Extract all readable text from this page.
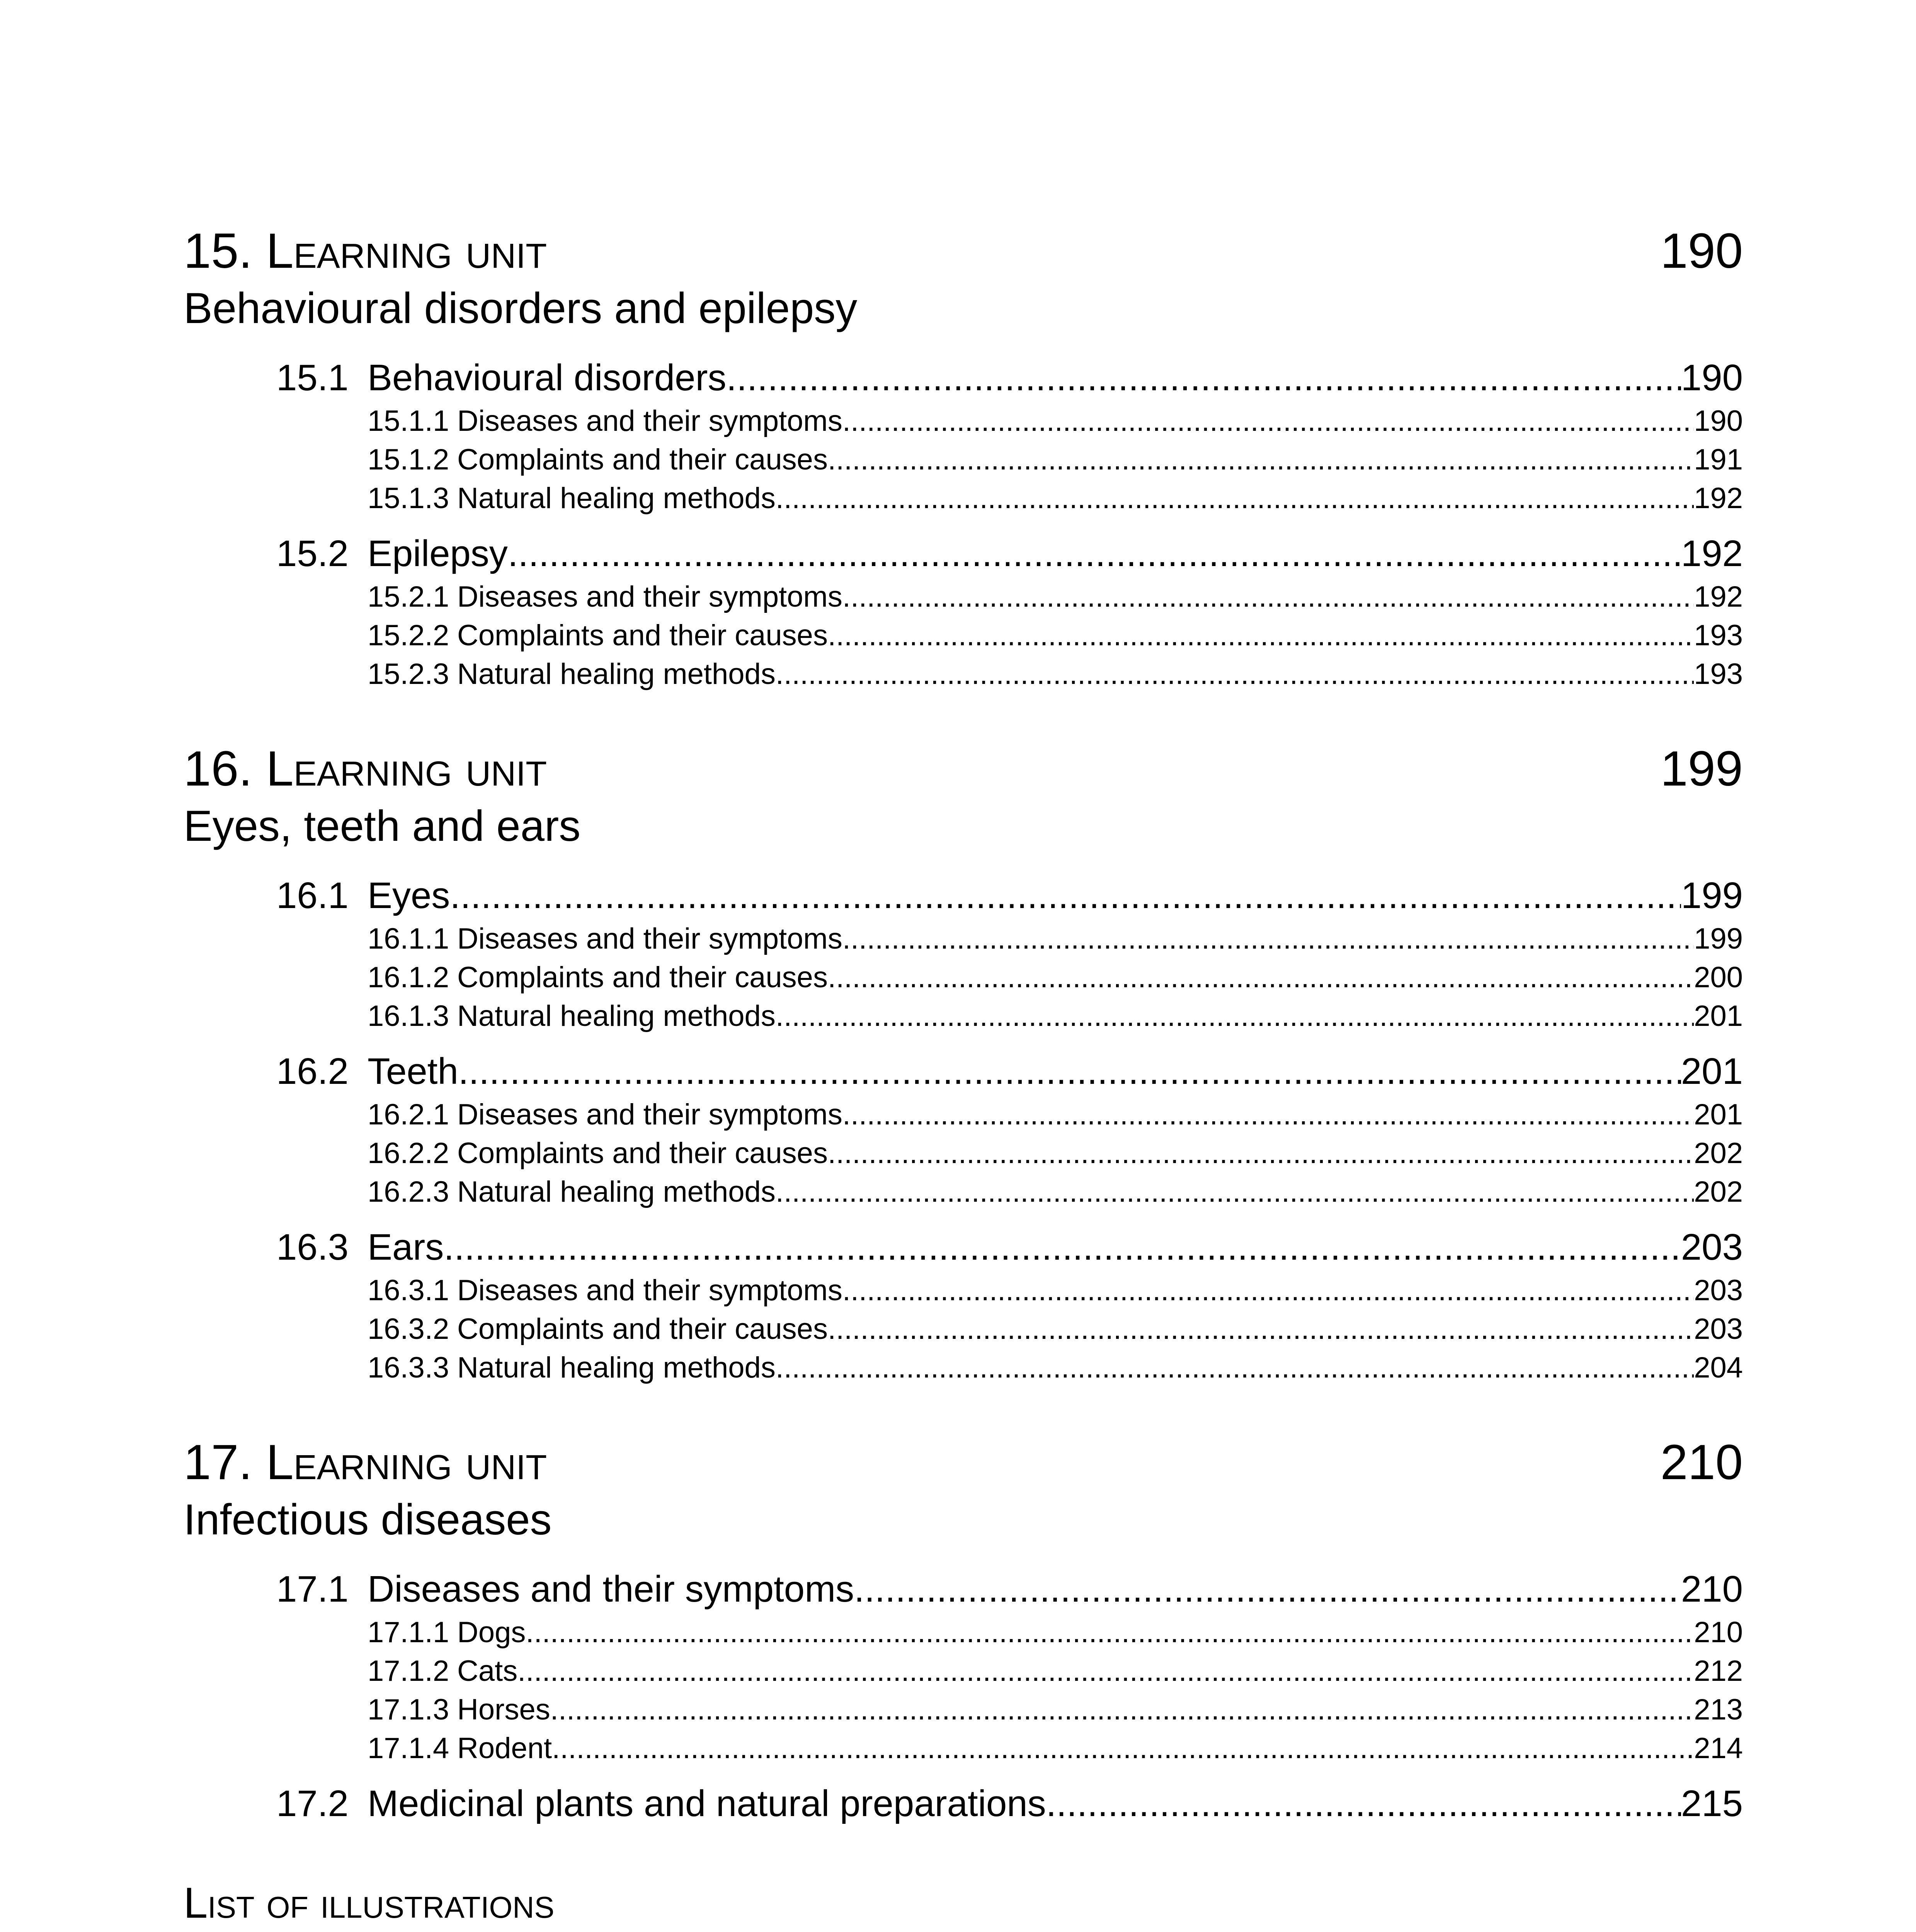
15. Learning unit	190
Behavioural disorders and epilepsy
15.1 Behavioural disorders .....	190
15.1.1 Diseases and their symptoms .....	190
15.1.2 Complaints and their causes .....	191
15.1.3 Natural healing methods .....	192
15.2 Epilepsy .....	192
15.2.1 Diseases and their symptoms .....	192
15.2.2 Complaints and their causes .....	193
15.2.3 Natural healing methods .....	193
16. Learning unit	199
Eyes, teeth and ears
16.1 Eyes .....	199
16.1.1 Diseases and their symptoms .....	199
16.1.2 Complaints and their causes .....	200
16.1.3 Natural healing methods .....	201
16.2 Teeth .....	201
16.2.1 Diseases and their symptoms .....	201
16.2.2 Complaints and their causes .....	202
16.2.3 Natural healing methods .....	202
16.3 Ears .....	203
16.3.1 Diseases and their symptoms .....	203
16.3.2 Complaints and their causes .....	203
16.3.3 Natural healing methods .....	204
17. Learning unit	210
Infectious diseases
17.1 Diseases and their symptoms .....	210
17.1.1 Dogs .....	210
17.1.2 Cats .....	212
17.1.3 Horses .....	213
17.1.4 Rodent .....	214
17.2 Medicinal plants and natural preparations .....	215
List of illustrations
